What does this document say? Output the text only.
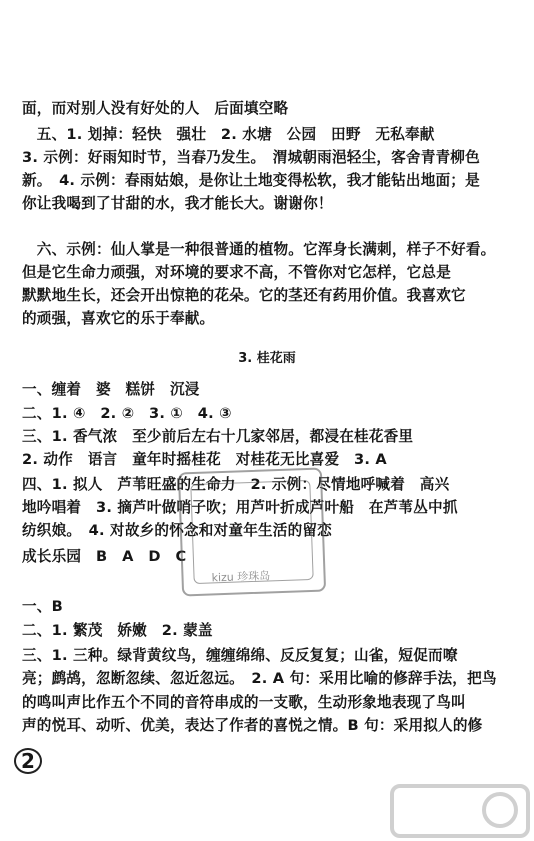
面，而对别人没有好处的人　后面填空略
　五、1. 划掉：轻快　强壮　2. 水塘　公园　田野　无私奉献
3. 示例：好雨知时节，当春乃发生。　渭城朝雨浥轻尘，客舍青青柳色
新。　4. 示例：春雨姑娘，是你让土地变得松软，我才能钻出地面；是
你让我喝到了甘甜的水，我才能长大。谢谢你！
　六、示例：仙人掌是一种很普通的植物。它浑身长满刺，样子不好看。
但是它生命力顽强，对环境的要求不高，不管你对它怎样，它总是
默默地生长，还会开出惊艳的花朵。它的茎还有药用价值。我喜欢它
的顽强，喜欢它的乐于奉献。
3. 桂花雨
一、缠着　婆　糕饼　沉浸
二、1. ④　2. ②　3. ①　4. ③
三、1. 香气浓　至少前后左右十几家邻居，都浸在桂花香里
2. 动作　语言　童年时摇桂花　对桂花无比喜爱　3. A
四、1. 拟人　芦苇旺盛的生命力　2. 示例：尽情地呼喊着　高兴
地吟唱着　3. 摘芦叶做哨子吹；用芦叶折成芦叶船　在芦苇丛中抓
纺织娘。　4. 对故乡的怀念和对童年生活的留恋
成长乐园　B　A　D　C
kizu 珍珠岛
一、B
二、1. 繁茂　娇嫩　2. 蒙盖
三、1. 三种。绿背黄纹鸟，缠缠绵绵、反反复复；山雀，短促而嘹
亮；鹧鸪，忽断忽续、忽近忽远。　2. A 句：采用比喻的修辞手法，把鸟
的鸣叫声比作五个不同的音符串成的一支歌，生动形象地表现了鸟叫
声的悦耳、动听、优美，表达了作者的喜悦之情。B 句：采用拟人的修
2
